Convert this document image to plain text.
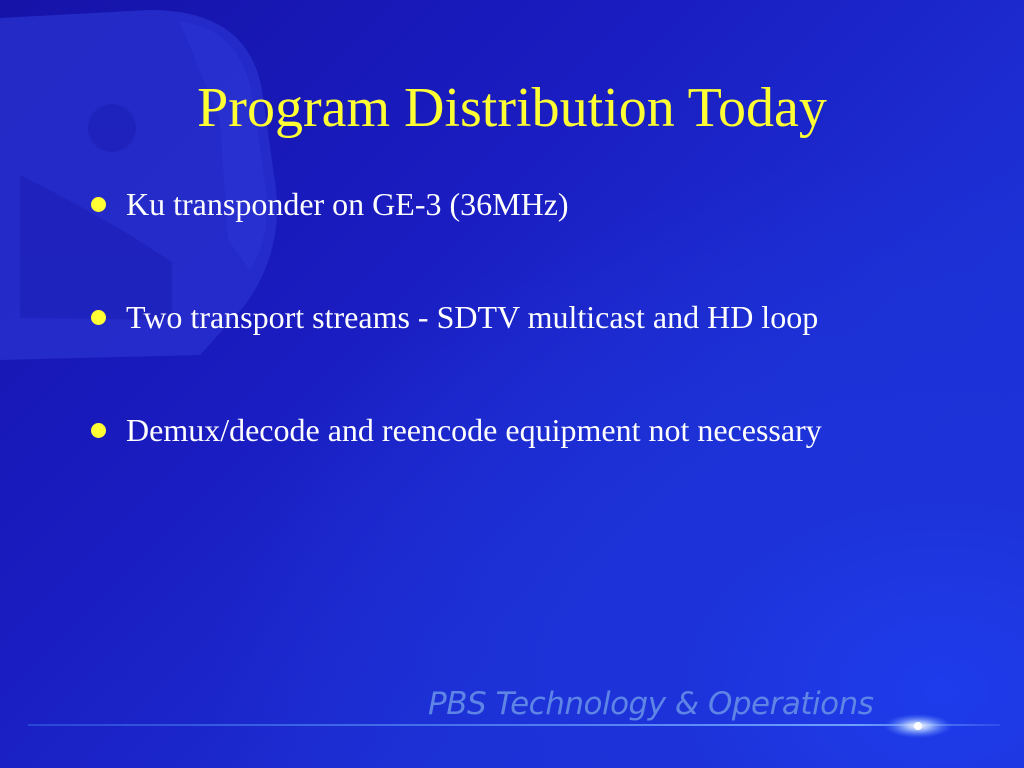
Program Distribution Today
Ku transponder on GE-3 (36MHz)
Two transport streams - SDTV multicast and HD loop
Demux/decode and reencode equipment not necessary
PBS Technology & Operations
